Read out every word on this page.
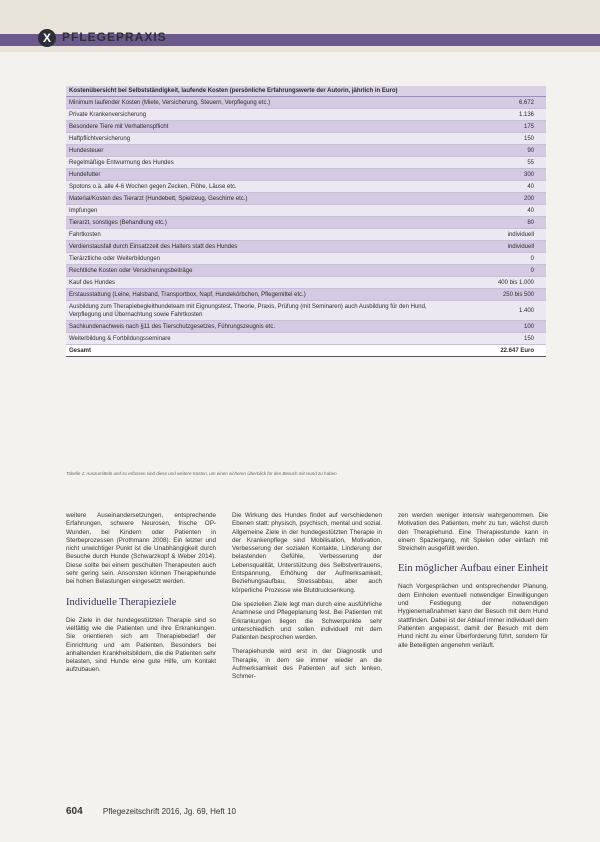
X PFLEGEPRAXIS
Kostenübersicht bei Selbstständigkeit, laufende Kosten (persönliche Erfahrungswerte der Autorin, jährlich in Euro)	
Minimum laufender Kosten (Miete, Versicherung, Steuern, Verpflegung etc.)	6.672
Private Krankenversicherung	1.136
Besondere Tiere mit Verhaltenspflicht	175
Haftpflichtversicherung	150
Hundesteuer	90
Regelmäßige Entwurmung des Hundes	55
Hundefutter	300
Spotons o.ä. alle 4-6 Wochen gegen Zecken, Flöhe, Läuse etc.	40
Material/Kosten des Tierarzt (Hundebett, Spielzeug, Geschirre etc.)	200
Impfungen	40
Tierarzt, sonstiges (Behandlung etc.)	80
Fahrtkosten	individuell
Verdienstausfall durch Einsatzzeit des Halters statt des Hundes	individuell
Tierärztliche oder Weiterbildungen	0
Rechtliche Kosten oder Versicherungsbeiträge	0
Kauf des Hundes	400 bis 1.000
Erstausstattung (Leine, Halsband, Transportbox, Napf, Hundekörbchen, Pflegemittel etc.)	250 bis 500
Ausbildung zum Therapiebegleithundeteam mit Eignungstest, Theorie, Praxis, Prüfung (mit Seminaren) auch Ausbildung für den Hund, Verpflegung und Übernachtung sowie Fahrtkosten	1.400
Sachkundenachweis nach §11 des Tierschutzgesetzes, Führungszeugnis etc.	100
Weiterbildung & Fortbildungsseminare	150
Gesamt	22.647 Euro
Tabelle 1: Auszumitteln und zu erfassen sind diese und weitere Kosten, um einen sicheren Überblick für den Besuch mit Hund zu haben

weitere Auseinandersetzungen, entsprechende Erfahrungen, schwere Neurosen, frische OP-Wunden, bei Kindern oder Patienten in Sterbeprozessen (Prothmann 2008). Ein letzter und nicht unwichtiger Punkt ist die Unabhängigkeit durch Besuche durch Hunde (Schwarzkopf & Weber 2014). Diese sollte bei einem geschulten Therapeuten auch sehr gering sein. Ansonsten können Therapiehunde bei hohen Belastungen eingesetzt werden.

Individuelle Therapieziele

Die Ziele in der hundegestützten Therapie sind so vielfältig wie die Patienten und ihre Erkrankungen. Sie orientieren sich am Therapiebedarf der Einrichtung und am Patienten. Besonders bei anhaltenden Krankheitsbildern, die die Patienten sehr belasten, sind Hunde eine gute Hilfe, um Kontakt aufzubauen.

Die Wirkung des Hundes findet auf verschiedenen Ebenen statt: physisch, psychisch, mental und sozial. Allgemeine Ziele in der hundegestützten Therapie in der Krankenpflege sind Mobilisation, Motivation, Verbesserung der sozialen Kontakte, Linderung der belastenden Gefühle, Verbesserung der Lebensqualität, Unterstützung des Selbstvertrauens, Entspannung, Erhöhung der Aufmerksamkeit, Beziehungsaufbau, Stressabbau, aber auch körperliche Prozesse wie Blutdrucksenkung.

Die speziellen Ziele legt man durch eine ausführliche Anamnese und Pflegeplanung fest. Bei Patienten mit Erkrankungen liegen die Schwerpunkte sehr unterschiedlich und sollen individuell mit dem Patienten besprochen werden.

Therapiehunde wird erst in der Diagnostik und Therapie, in dem sie immer wieder an die Aufmerksamkeit des Patienten auf sich lenken, Schmer-

zen werden weniger intensiv wahrgenommen. Die Motivation des Patienten, mehr zu tun, wächst durch den Therapiehund. Eine Therapiestunde kann in einem Spaziergang, mit Spielen oder einfach mit Streicheln ausgefüllt werden.

Ein möglicher Aufbau einer Einheit

Nach Vorgesprächen und entsprechender Planung, dem Einholen eventuell notwendiger Einwilligungen und Festlegung der notwendigen Hygienemaßnahmen kann der Besuch mit dem Hund stattfinden. Dabei ist der Ablauf immer individuell dem Patienten angepasst, damit der Besuch mit dem Hund nicht zu einer Überforderung führt, sondern für alle Beteiligten angenehm verläuft.

604	Pflegezeitschrift 2016, Jg. 69, Heft 10
